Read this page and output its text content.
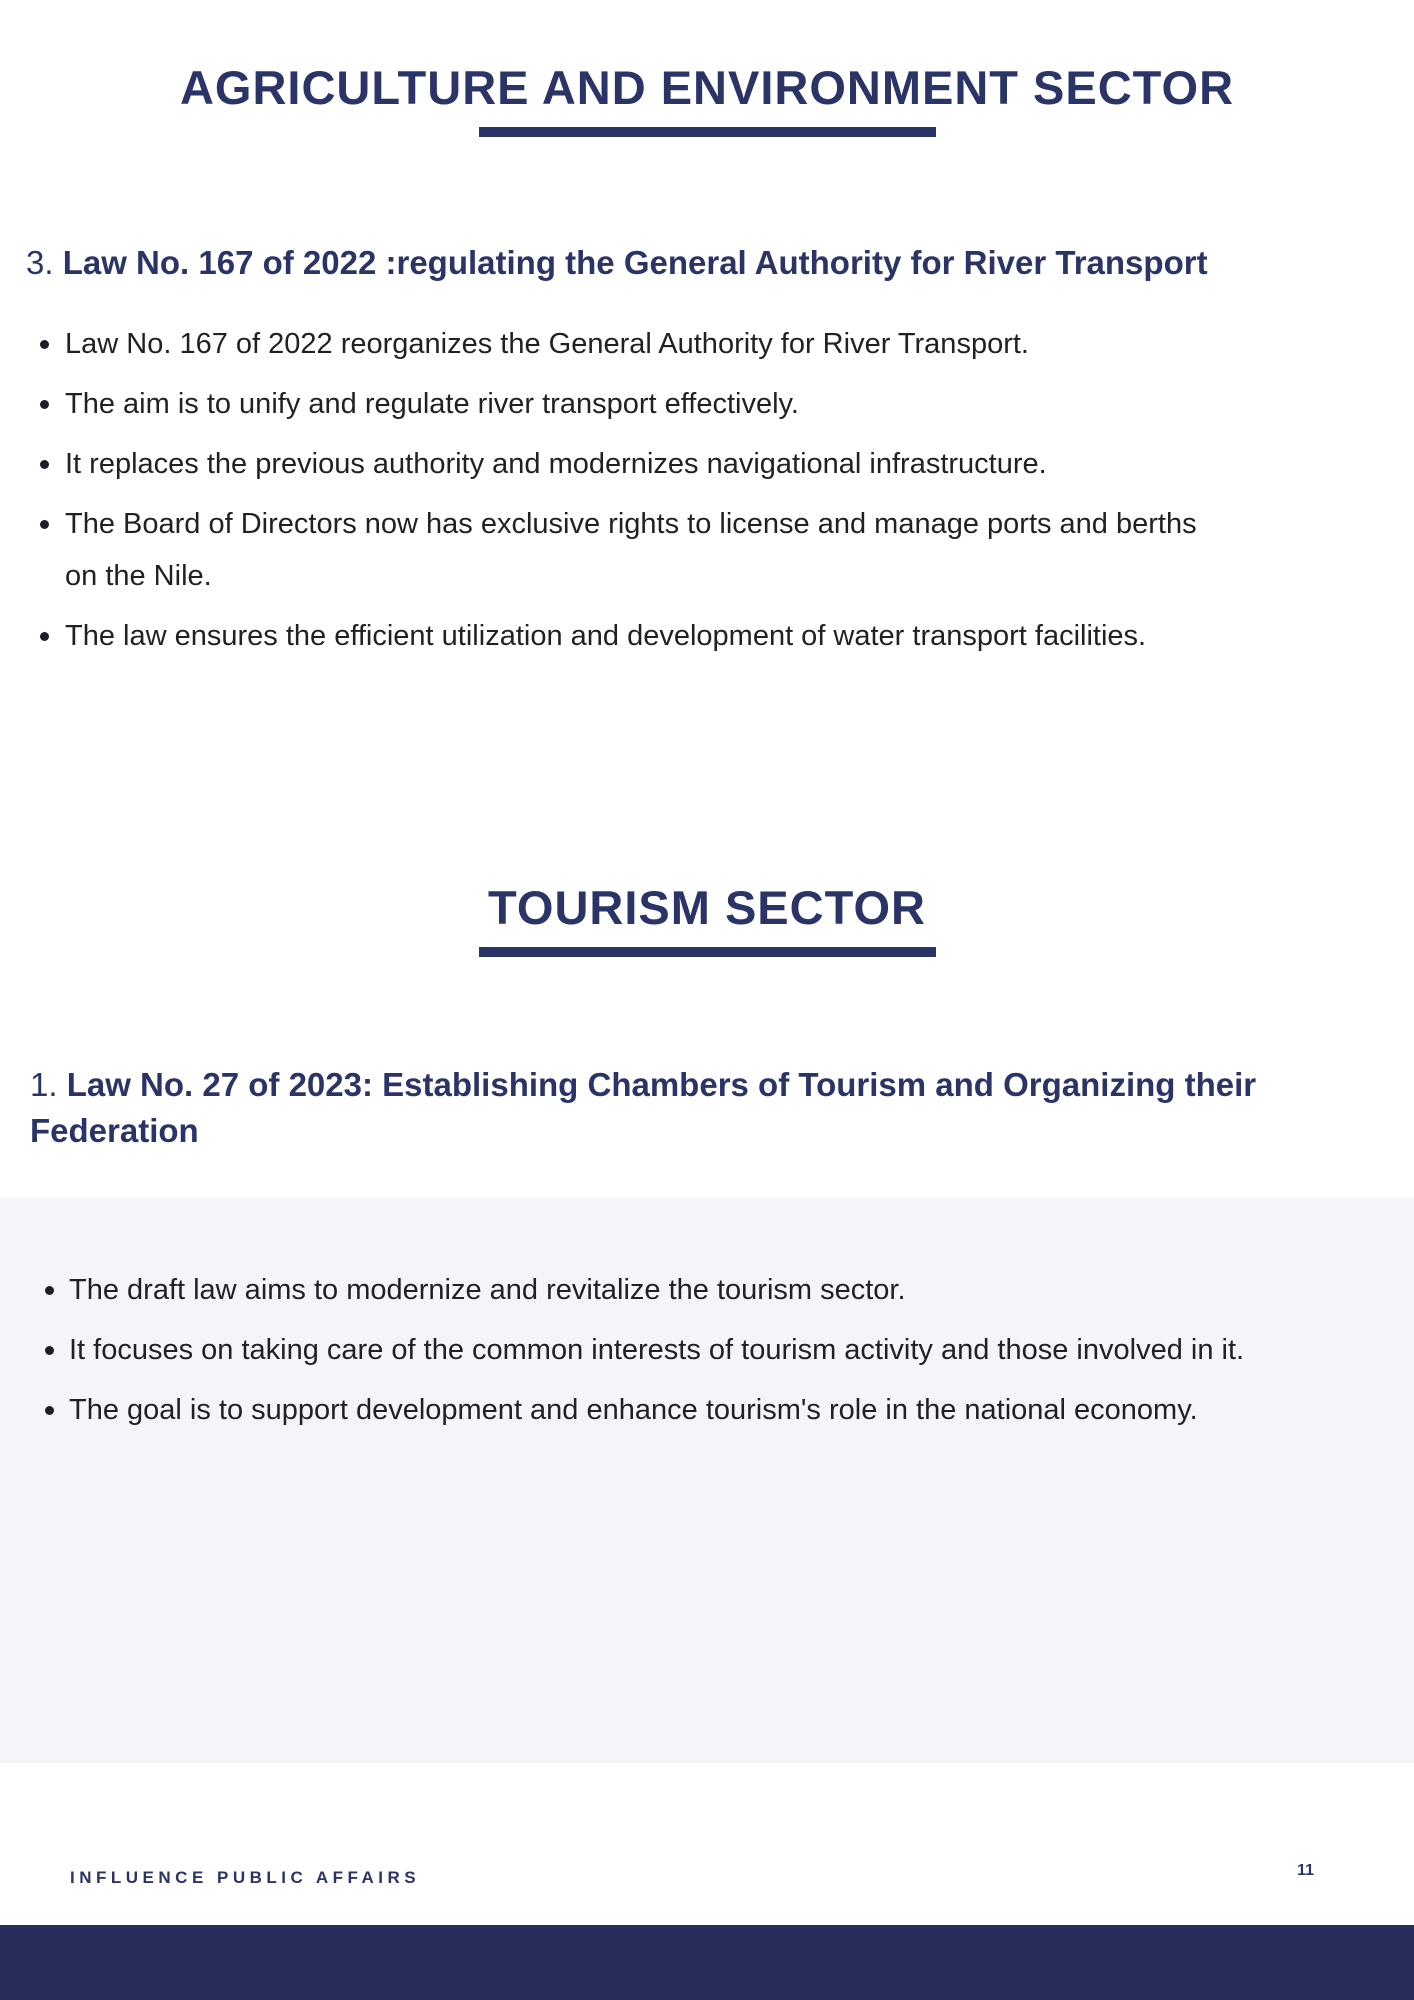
AGRICULTURE AND ENVIRONMENT SECTOR
3. Law No. 167 of 2022 :regulating the General Authority for River Transport
Law No. 167 of 2022 reorganizes the General Authority for River Transport.
The aim is to unify and regulate river transport effectively.
It replaces the previous authority and modernizes navigational infrastructure.
The Board of Directors now has exclusive rights to license and manage ports and berths on the Nile.
The law ensures the efficient utilization and development of water transport facilities.
TOURISM SECTOR
1. Law No. 27 of 2023: Establishing Chambers of Tourism and Organizing their Federation
The draft law aims to modernize and revitalize the tourism sector.
It focuses on taking care of the common interests of tourism activity and those involved in it.
The goal is to support development and enhance tourism's role in the national economy.
INFLUENCE PUBLIC AFFAIRS	11
